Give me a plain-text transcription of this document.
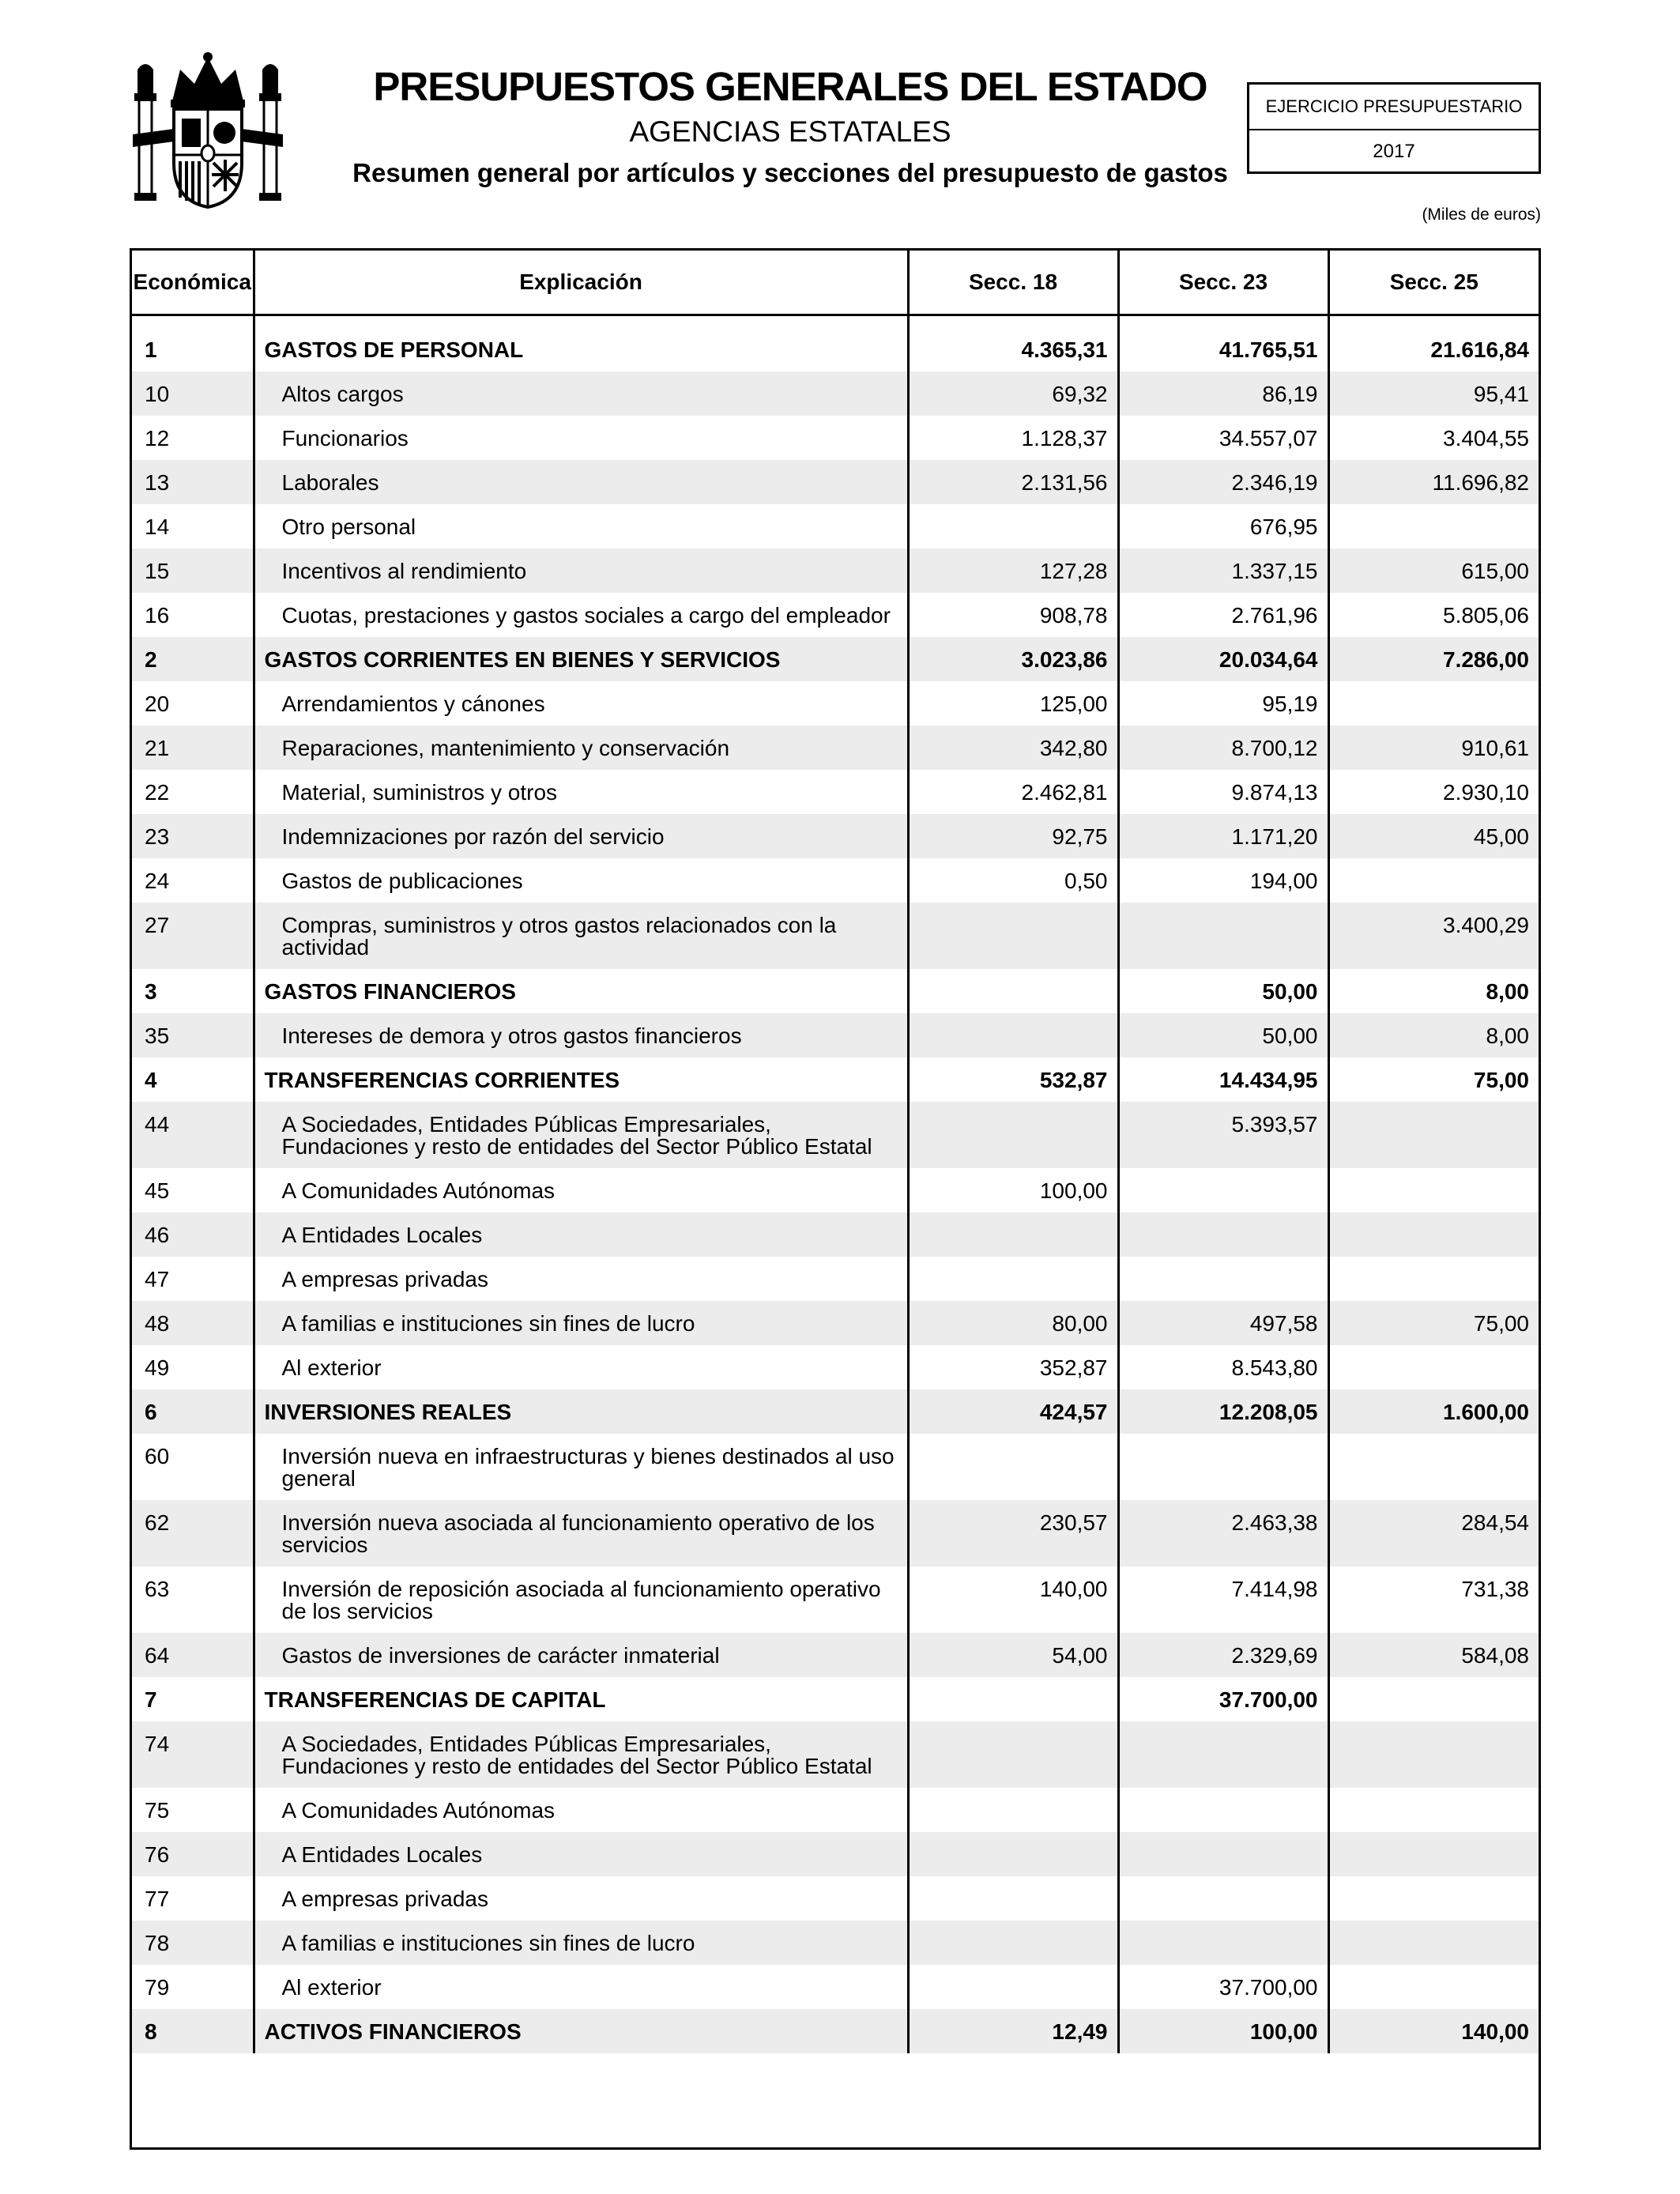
PRESUPUESTOS GENERALES DEL ESTADO
AGENCIAS ESTATALES
Resumen general por artículos y secciones del presupuesto de gastos
EJERCICIO PRESUPUESTARIO
2017
(Miles de euros)
Económica	Explicación	Secc. 18	Secc. 23	Secc. 25

1	GASTOS DE PERSONAL	4.365,31	41.765,51	21.616,84
10	Altos cargos	69,32	86,19	95,41
12	Funcionarios	1.128,37	34.557,07	3.404,55
13	Laborales	2.131,56	2.346,19	11.696,82
14	Otro personal		676,95	
15	Incentivos al rendimiento	127,28	1.337,15	615,00
16	Cuotas, prestaciones y gastos sociales a cargo del empleador	908,78	2.761,96	5.805,06
2	GASTOS CORRIENTES EN BIENES Y SERVICIOS	3.023,86	20.034,64	7.286,00
20	Arrendamientos y cánones	125,00	95,19	
21	Reparaciones, mantenimiento y conservación	342,80	8.700,12	910,61
22	Material, suministros y otros	2.462,81	9.874,13	2.930,10
23	Indemnizaciones por razón del servicio	92,75	1.171,20	45,00
24	Gastos de publicaciones	0,50	194,00	
27	Compras, suministros y otros gastos relacionados con la actividad			3.400,29
3	GASTOS FINANCIEROS		50,00	8,00
35	Intereses de demora y otros gastos financieros		50,00	8,00
4	TRANSFERENCIAS CORRIENTES	532,87	14.434,95	75,00
44	A Sociedades, Entidades Públicas Empresariales, Fundaciones y resto de entidades del Sector Público Estatal		5.393,57	
45	A Comunidades Autónomas	100,00		
46	A Entidades Locales			
47	A empresas privadas			
48	A familias e instituciones sin fines de lucro	80,00	497,58	75,00
49	Al exterior	352,87	8.543,80	
6	INVERSIONES REALES	424,57	12.208,05	1.600,00
60	Inversión nueva en infraestructuras y bienes destinados al uso general			
62	Inversión nueva asociada al funcionamiento operativo de los servicios	230,57	2.463,38	284,54
63	Inversión de reposición asociada al funcionamiento operativo de los servicios	140,00	7.414,98	731,38
64	Gastos de inversiones de carácter inmaterial	54,00	2.329,69	584,08
7	TRANSFERENCIAS DE CAPITAL		37.700,00	
74	A Sociedades, Entidades Públicas Empresariales, Fundaciones y resto de entidades del Sector Público Estatal			
75	A Comunidades Autónomas			
76	A Entidades Locales			
77	A empresas privadas			
78	A familias e instituciones sin fines de lucro			
79	Al exterior		37.700,00	
8	ACTIVOS FINANCIEROS	12,49	100,00	140,00
